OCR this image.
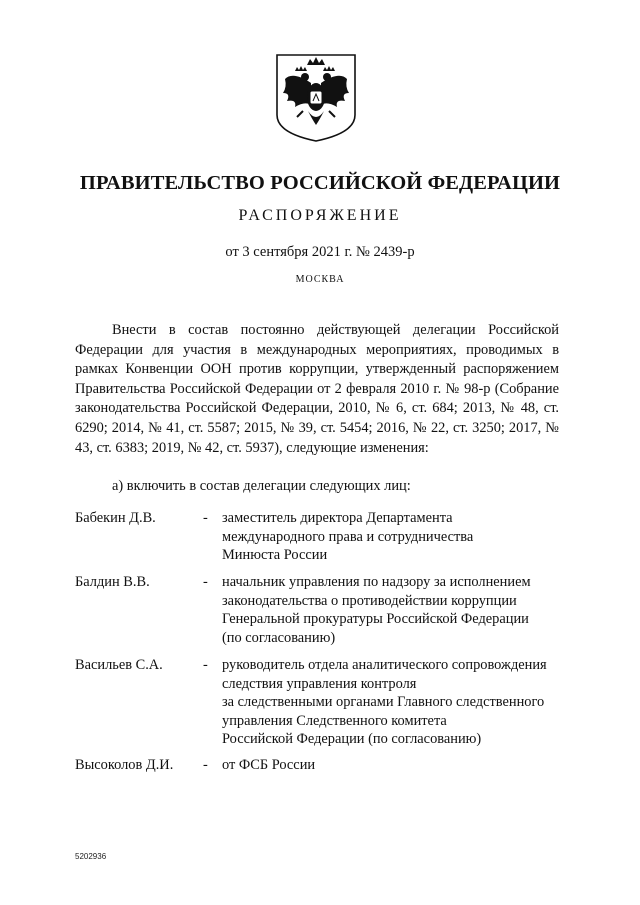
ПРАВИТЕЛЬСТВО РОССИЙСКОЙ ФЕДЕРАЦИИ
РАСПОРЯЖЕНИЕ
от 3 сентября 2021 г. № 2439-р
МОСКВА
Внести в состав постоянно действующей делегации Российской Федерации для участия в международных мероприятиях, проводимых в рамках Конвенции ООН против коррупции, утвержденный распоряжением Правительства Российской Федерации от 2 февраля 2010 г. № 98-р (Собрание законодательства Российской Федерации, 2010, № 6, ст. 684; 2013, № 48, ст. 6290; 2014, № 41, ст. 5587; 2015, № 39, ст. 5454; 2016, № 22, ст. 3250; 2017, № 43, ст. 6383; 2019, № 42, ст. 5937), следующие изменения:
а) включить в состав делегации следующих лиц:
Бабекин Д.В.	- заместитель директора Департамента
международного права и сотрудничества
Минюста России
Балдин В.В.	- начальник управления по надзору за исполнением
законодательства о противодействии коррупции
Генеральной прокуратуры Российской Федерации
(по согласованию)
Васильев С.А.	- руководитель отдела аналитического сопровождения
следствия управления контроля
за следственными органами Главного следственного
управления Следственного комитета
Российской Федерации (по согласованию)
Высоколов Д.И.	- от ФСБ России
5202936
